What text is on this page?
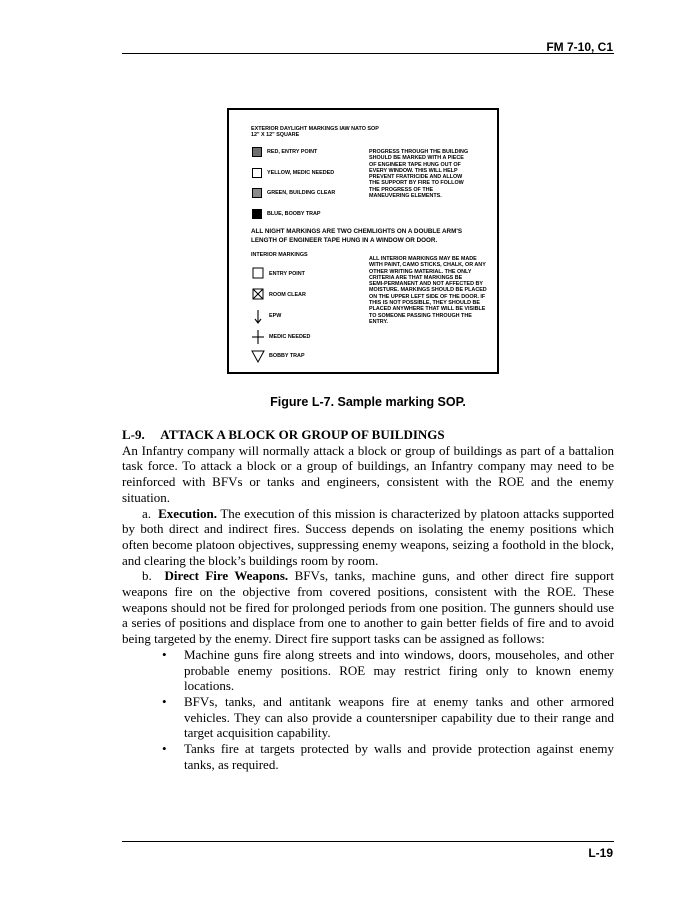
FM 7-10, C1
EXTERIOR DAYLIGHT MARKINGS IAW NATO SOP
12" X 12" SQUARE
RED, ENTRY POINT
YELLOW, MEDIC NEEDED
GREEN, BUILDING CLEAR
BLUE, BOOBY TRAP
PROGRESS THROUGH THE BUILDING
SHOULD BE MARKED WITH A PIECE
OF ENGINEER TAPE HUNG OUT OF
EVERY WINDOW. THIS WILL HELP
PREVENT FRATRICIDE AND ALLOW
THE SUPPORT BY FIRE TO FOLLOW
THE PROGRESS OF THE
MANEUVERING ELEMENTS.
ALL NIGHT MARKINGS ARE TWO CHEMLIGHTS ON A DOUBLE ARM'S
LENGTH OF ENGINEER TAPE HUNG IN A WINDOW OR DOOR.
INTERIOR MARKINGS
ENTRY POINT
ROOM CLEAR
EPW
MEDIC NEEDED
BOBBY TRAP
ALL INTERIOR MARKINGS MAY BE MADE
WITH PAINT, CAMO STICKS, CHALK, OR ANY
OTHER WRITING MATERIAL. THE ONLY
CRITERIA ARE THAT MARKINGS BE
SEMI-PERMANENT AND NOT AFFECTED BY
MOISTURE. MARKINGS SHOULD BE PLACED
ON THE UPPER LEFT SIDE OF THE DOOR. IF
THIS IS NOT POSSIBLE, THEY SHOULD BE
PLACED ANYWHERE THAT WILL BE VISIBLE
TO SOMEONE PASSING THROUGH THE
ENTRY.
Figure L-7. Sample marking SOP.

L-9.     ATTACK A BLOCK OR GROUP OF BUILDINGS

An Infantry company will normally attack a block or group of buildings as part of a battalion task force. To attack a block or a group of buildings, an Infantry company may need to be reinforced with BFVs or tanks and engineers, consistent with the ROE and the enemy situation.

a.  Execution. The execution of this mission is characterized by platoon attacks supported by both direct and indirect fires. Success depends on isolating the enemy positions which often become platoon objectives, suppressing enemy weapons, seizing a foothold in the block, and clearing the block’s buildings room by room.

b.  Direct Fire Weapons. BFVs, tanks, machine guns, and other direct fire support weapons fire on the objective from covered positions, consistent with the ROE. These weapons should not be fired for prolonged periods from one position. The gunners should use a series of positions and displace from one to another to gain better fields of fire and to avoid being targeted by the enemy. Direct fire support tasks can be assigned as follows:

• Machine guns fire along streets and into windows, doors, mouseholes, and other probable enemy positions. ROE may restrict firing only to known enemy locations.

• BFVs, tanks, and antitank weapons fire at enemy tanks and other armored vehicles. They can also provide a countersniper capability due to their range and target acquisition capability.

• Tanks fire at targets protected by walls and provide protection against enemy tanks, as required.

L-19
